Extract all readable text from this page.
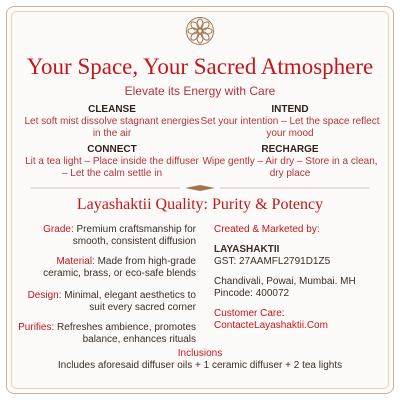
Your Space, Your Sacred Atmosphere
Elevate its Energy with Care
CLEANSE
Let soft mist dissolve stagnant energies in the air
INTEND
Set your intention – Let the space reflect your mood
CONNECT
Lit a tea light – Place inside the diffuser – Let the calm settle in
RECHARGE
Wipe gently – Air dry – Store in a clean, dry place
Layashaktii Quality: Purity & Potency
Grade: Premium craftsmanship for smooth, consistent diffusion
Material: Made from high-grade ceramic, brass, or eco-safe blends
Design: Minimal, elegant aesthetics to suit every sacred corner
Purifies: Refreshes ambience, promotes balance, enhances rituals
Created & Marketed by:
LAYASHAKTII
GST: 27AAMFL2791D1Z5
Chandivali, Powai, Mumbai. MH
Pincode: 400072
Customer Care:
ContacteLayashaktii.Com
Inclusions
Includes aforesaid diffuser oils + 1 ceramic diffuser + 2 tea lights
